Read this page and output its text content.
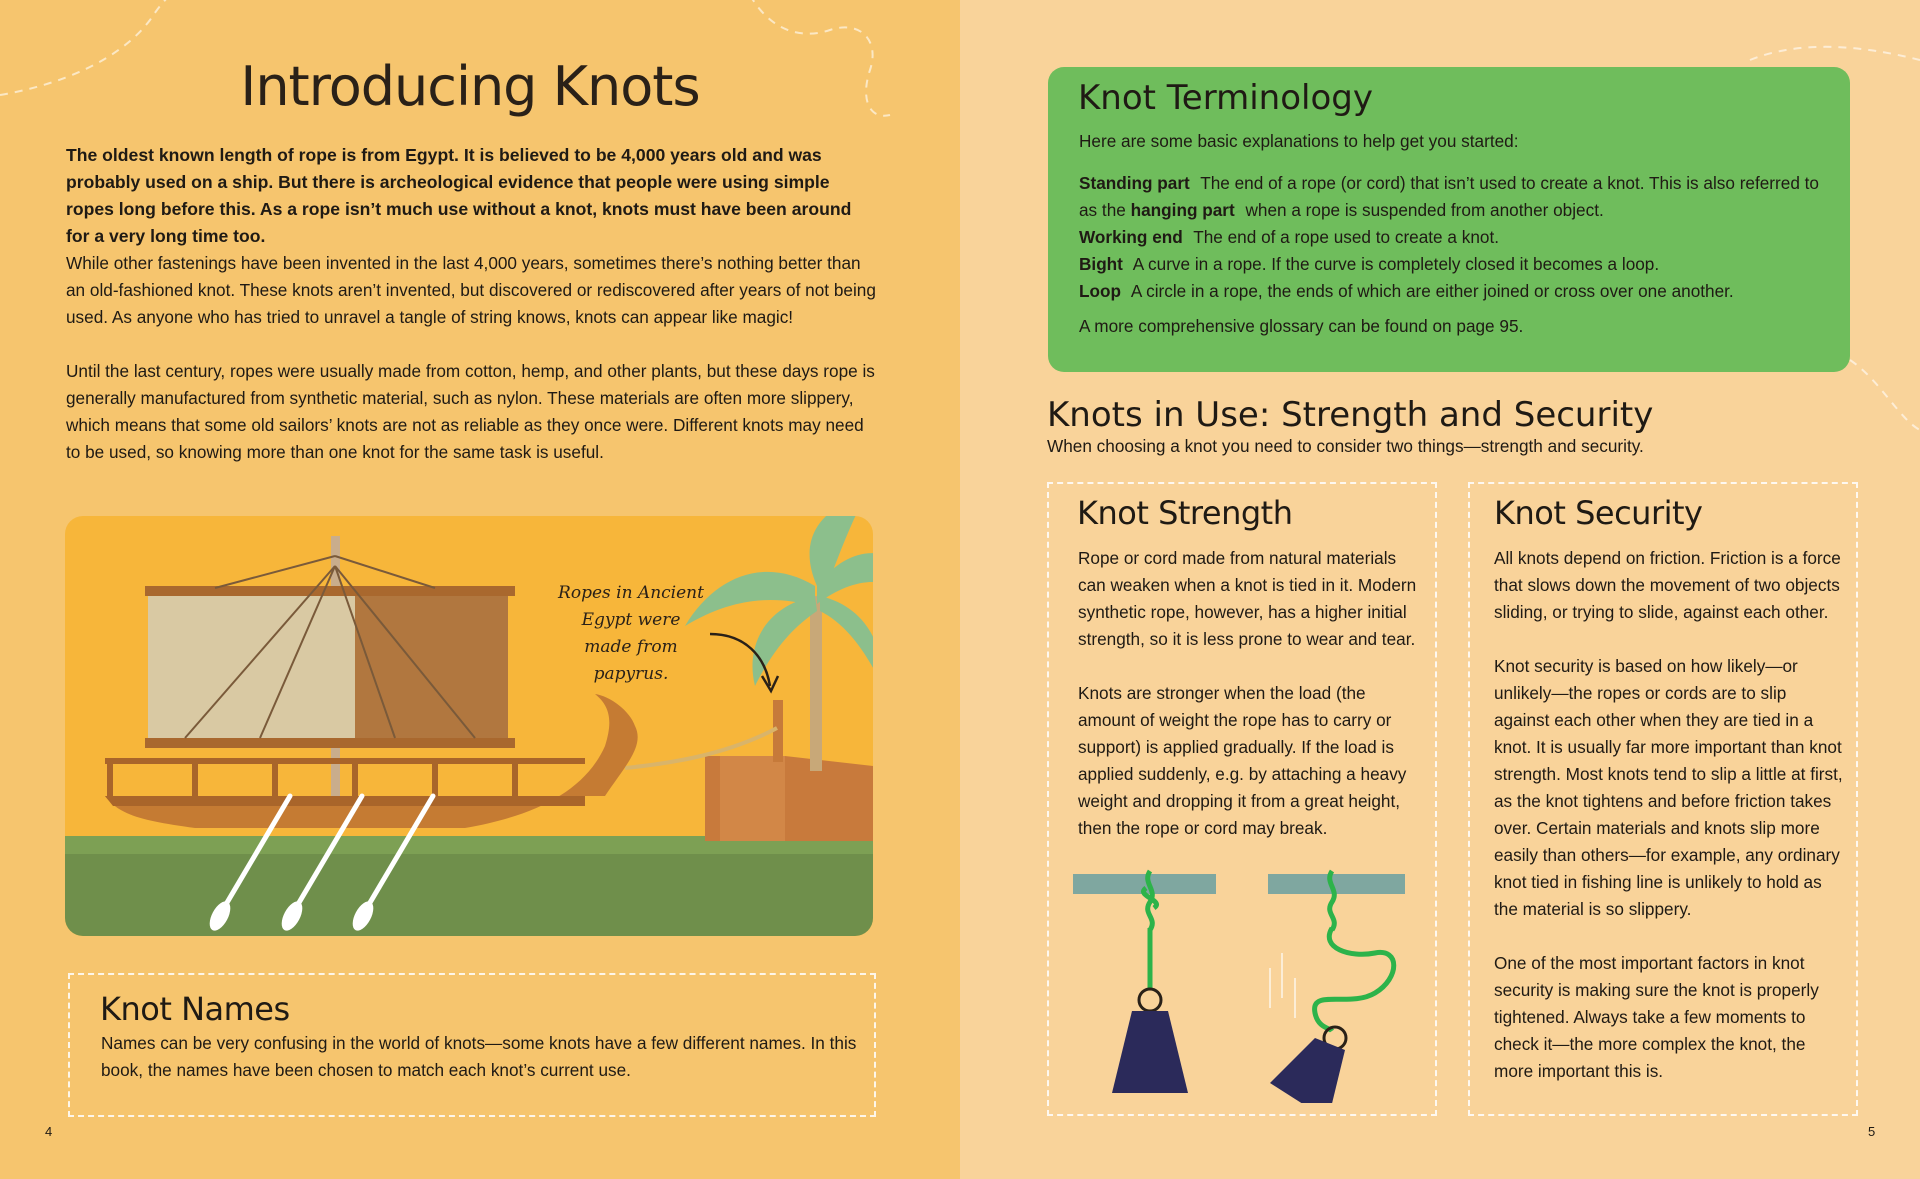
Introducing Knots

The oldest known length of rope is from Egypt. It is believed to be 4,000 years old and was probably used on a ship. But there is archeological evidence that people were using simple ropes long before this. As a rope isn’t much use without a knot, knots must have been around for a very long time too.

While other fastenings have been invented in the last 4,000 years, sometimes there’s nothing better than an old-fashioned knot. These knots aren’t invented, but discovered or rediscovered after years of not being used. As anyone who has tried to unravel a tangle of string knows, knots can appear like magic!

Until the last century, ropes were usually made from cotton, hemp, and other plants, but these days rope is generally manufactured from synthetic material, such as nylon. These materials are often more slippery, which means that some old sailors’ knots are not as reliable as they once were. Different knots may need to be used, so knowing more than one knot for the same task is useful.

Ropes in Ancient Egypt were made from papyrus.
Knot Names

Names can be very confusing in the world of knots—some knots have a few different names. In this book, the names have been chosen to match each knot’s current use.

4
Knot Terminology
Here are some basic explanations to help get you started:
Standing part The end of a rope (or cord) that isn’t used to create a knot. This is also referred to as the hanging part when a rope is suspended from another object.
Working end The end of a rope used to create a knot.
Bight A curve in a rope. If the curve is completely closed it becomes a loop.
Loop A circle in a rope, the ends of which are either joined or cross over one another.
A more comprehensive glossary can be found on page 95.
Knots in Use: Strength and Security
When choosing a knot you need to consider two things—strength and security.
Knot Strength

Rope or cord made from natural materials can weaken when a knot is tied in it. Modern synthetic rope, however, has a higher initial strength, so it is less prone to wear and tear.

Knots are stronger when the load (the amount of weight the rope has to carry or support) is applied gradually. If the load is applied suddenly, e.g. by attaching a heavy weight and dropping it from a great height, then the rope or cord may break.

Knot Security

All knots depend on friction. Friction is a force that slows down the movement of two objects sliding, or trying to slide, against each other.

Knot security is based on how likely—or unlikely—the ropes or cords are to slip against each other when they are tied in a knot. It is usually far more important than knot strength. Most knots tend to slip a little at first, as the knot tightens and before friction takes over. Certain materials and knots slip more easily than others—for example, any ordinary knot tied in fishing line is unlikely to hold as the material is so slippery.

One of the most important factors in knot security is making sure the knot is properly tightened. Always take a few moments to check it—the more complex the knot, the more important this is.

5
